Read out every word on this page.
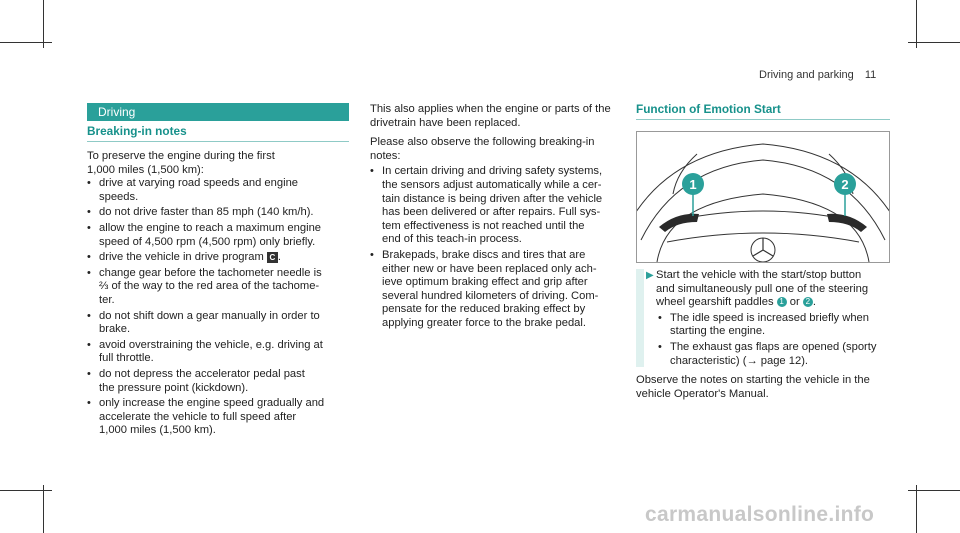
Driving and parking 11
Driving
Breaking-in notes

To preserve the engine during the first
1,000 miles (1,500 km):

• drive at varying road speeds and engine
speeds.
• do not drive faster than 85 mph (140 km/h).
• allow the engine to reach a maximum engine
speed of 4,500 rpm (4,500 rpm) only briefly.
• drive the vehicle in drive program C .
• change gear before the tachometer needle is
⅔ of the way to the red area of the tachome-
ter.
• do not shift down a gear manually in order to
brake.
• avoid overstraining the vehicle, e.g. driving at
full throttle.
• do not depress the accelerator pedal past
the pressure point (kickdown).
• only increase the engine speed gradually and
accelerate the vehicle to full speed after
1,000 miles (1,500 km).

This also applies when the engine or parts of the
drivetrain have been replaced.

Please also observe the following breaking-in
notes:

• In certain driving and driving safety systems,
the sensors adjust automatically while a cer-
tain distance is being driven after the vehicle
has been delivered or after repairs. Full sys-
tem effectiveness is not reached until the
end of this teach-in process.
• Brakepads, brake discs and tires that are
either new or have been replaced only ach-
ieve optimum braking effect and grip after
several hundred kilometers of driving. Com-
pensate for the reduced braking effect by
applying greater force to the brake pedal.
Function of Emotion Start
1	2
▶ Start the vehicle with the start/stop button
and simultaneously pull one of the steering
wheel gearshift paddles 1 or 2 .
• The idle speed is increased briefly when
starting the engine.
• The exhaust gas flaps are opened (sporty
characteristic) (→ page 12).

Observe the notes on starting the vehicle in the
vehicle Operator's Manual.

carmanualsonline.info
